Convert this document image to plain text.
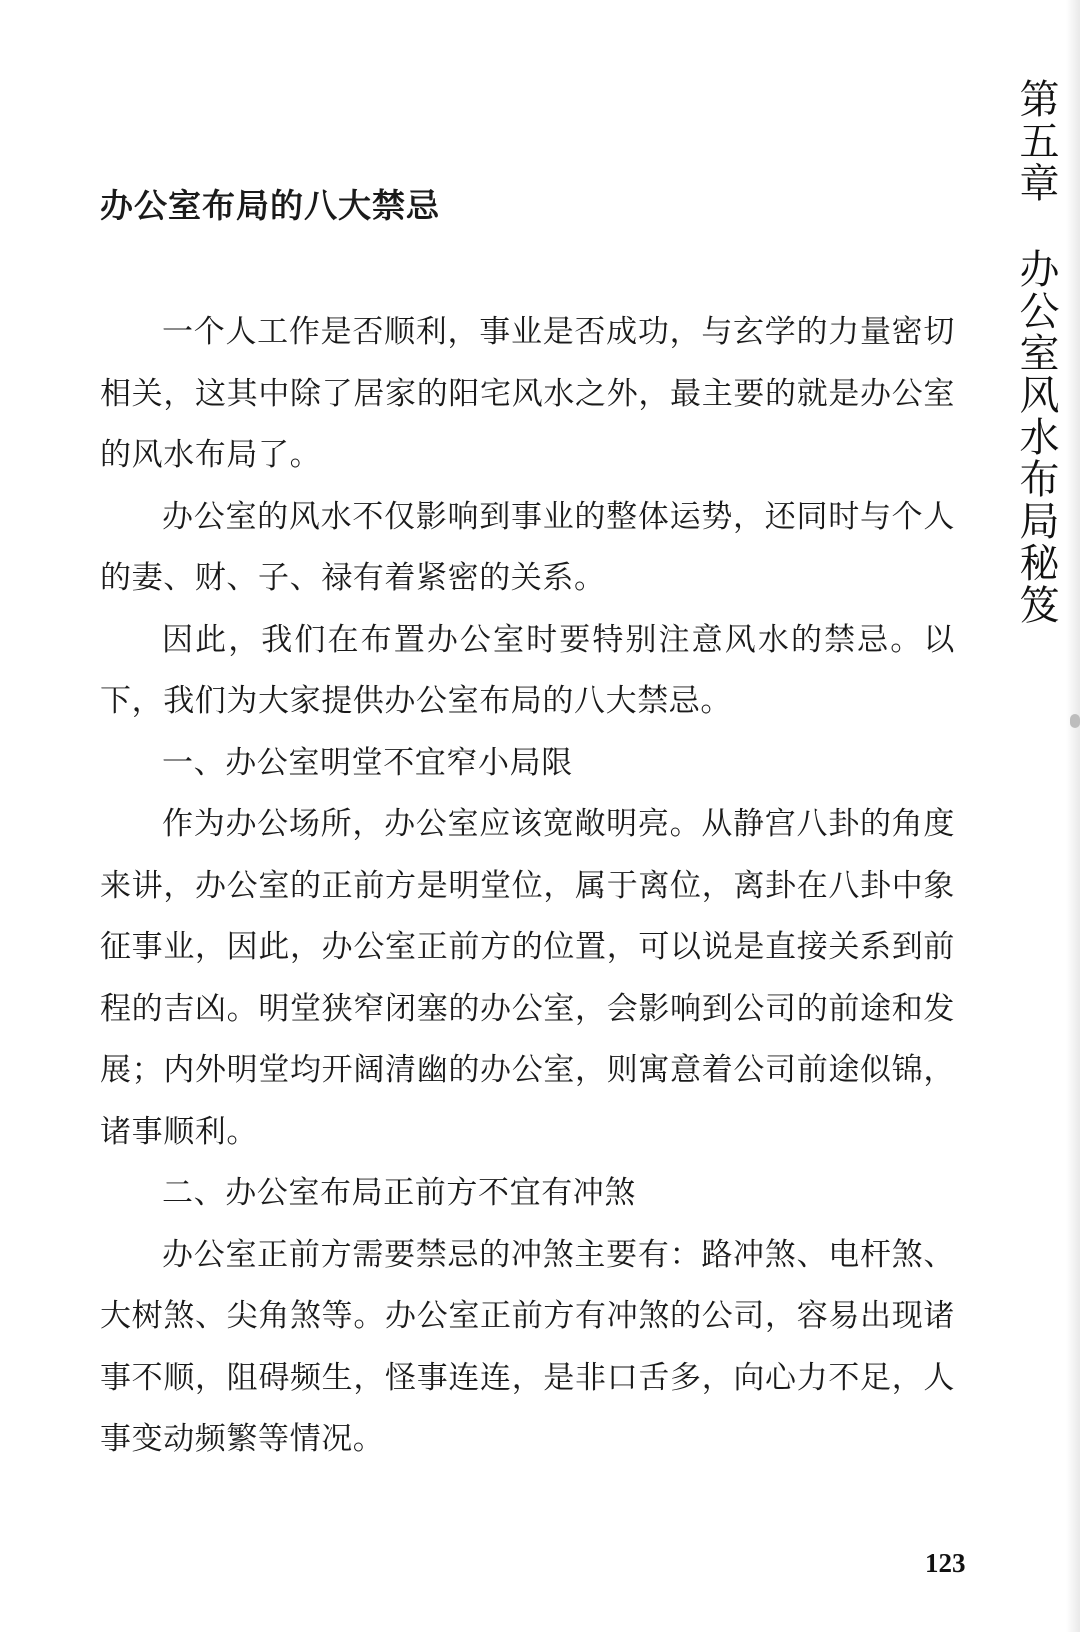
第五章
办公室风水布局秘笈
办公室布局的八大禁忌

一个人工作是否顺利，事业是否成功，与玄学的力量密切相关，这其中除了居家的阳宅风水之外，最主要的就是办公室的风水布局了。

办公室的风水不仅影响到事业的整体运势，还同时与个人的妻、财、子、禄有着紧密的关系。

因此，我们在布置办公室时要特别注意风水的禁忌。以下，我们为大家提供办公室布局的八大禁忌。

一、办公室明堂不宜窄小局限

作为办公场所，办公室应该宽敞明亮。从静宫八卦的角度来讲，办公室的正前方是明堂位，属于离位，离卦在八卦中象征事业，因此，办公室正前方的位置，可以说是直接关系到前程的吉凶。明堂狭窄闭塞的办公室，会影响到公司的前途和发展；内外明堂均开阔清幽的办公室，则寓意着公司前途似锦，诸事顺利。

二、办公室布局正前方不宜有冲煞

办公室正前方需要禁忌的冲煞主要有：路冲煞、电杆煞、大树煞、尖角煞等。办公室正前方有冲煞的公司，容易出现诸事不顺，阻碍频生，怪事连连，是非口舌多，向心力不足，人事变动频繁等情况。

123
